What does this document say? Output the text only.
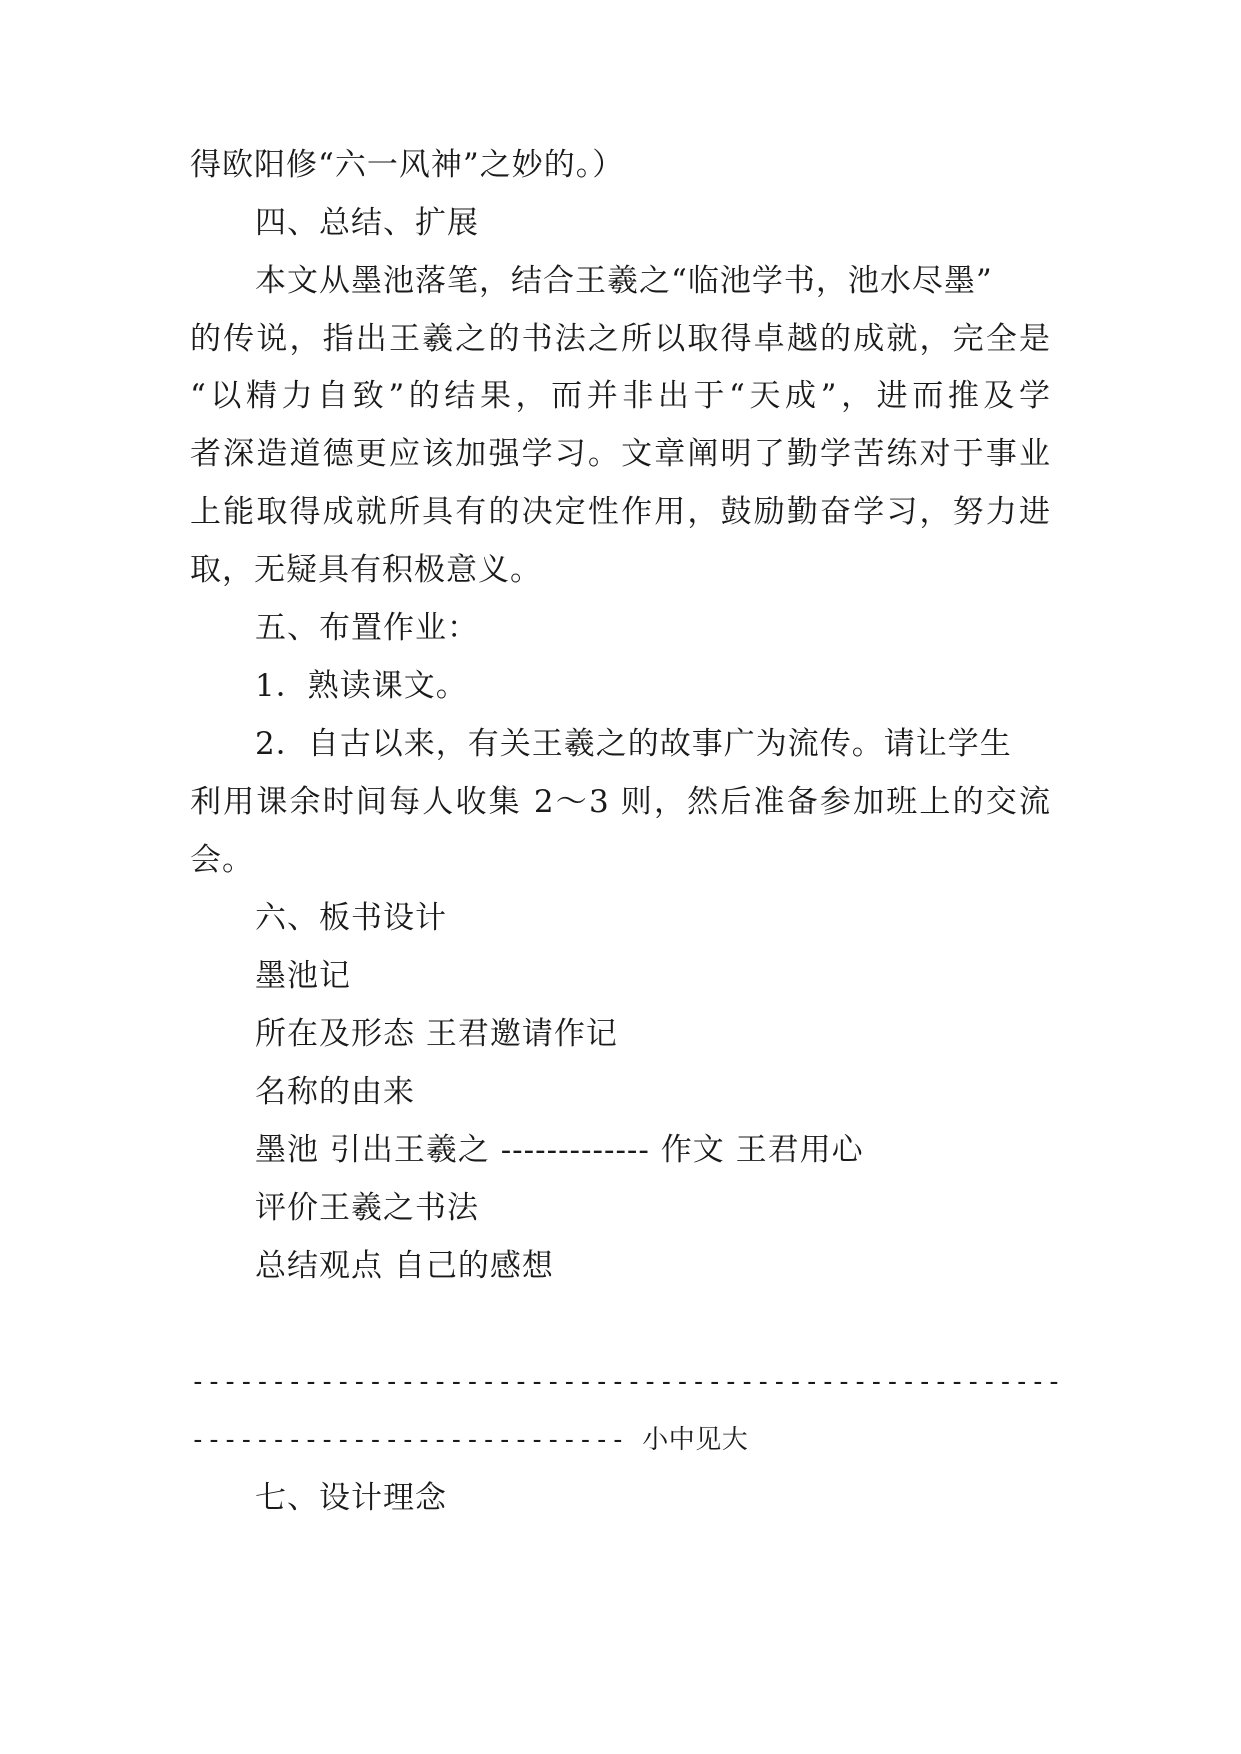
得欧阳修“六一风神”之妙的。）
四、总结、扩展
本文从墨池落笔，结合王羲之“临池学书，池水尽墨”
的传说，指出王羲之的书法之所以取得卓越的成就，完全是
“以精力自致”的结果，而并非出于“天成”，进而推及学
者深造道德更应该加强学习。文章阐明了勤学苦练对于事业
上能取得成就所具有的决定性作用，鼓励勤奋学习，努力进
取，无疑具有积极意义。
五、布置作业：
1．熟读课文。
2．自古以来，有关王羲之的故事广为流传。请让学生
利用课余时间每人收集 2～3 则，然后准备参加班上的交流
会。
六、板书设计
墨池记
所在及形态 王君邀请作记
名称的由来
墨池 引出王羲之 ------------- 作文 王君用心
评价王羲之书法
总结观点 自己的感想
------------------------------------------------------
--------------------------- 小中见大
七、设计理念
